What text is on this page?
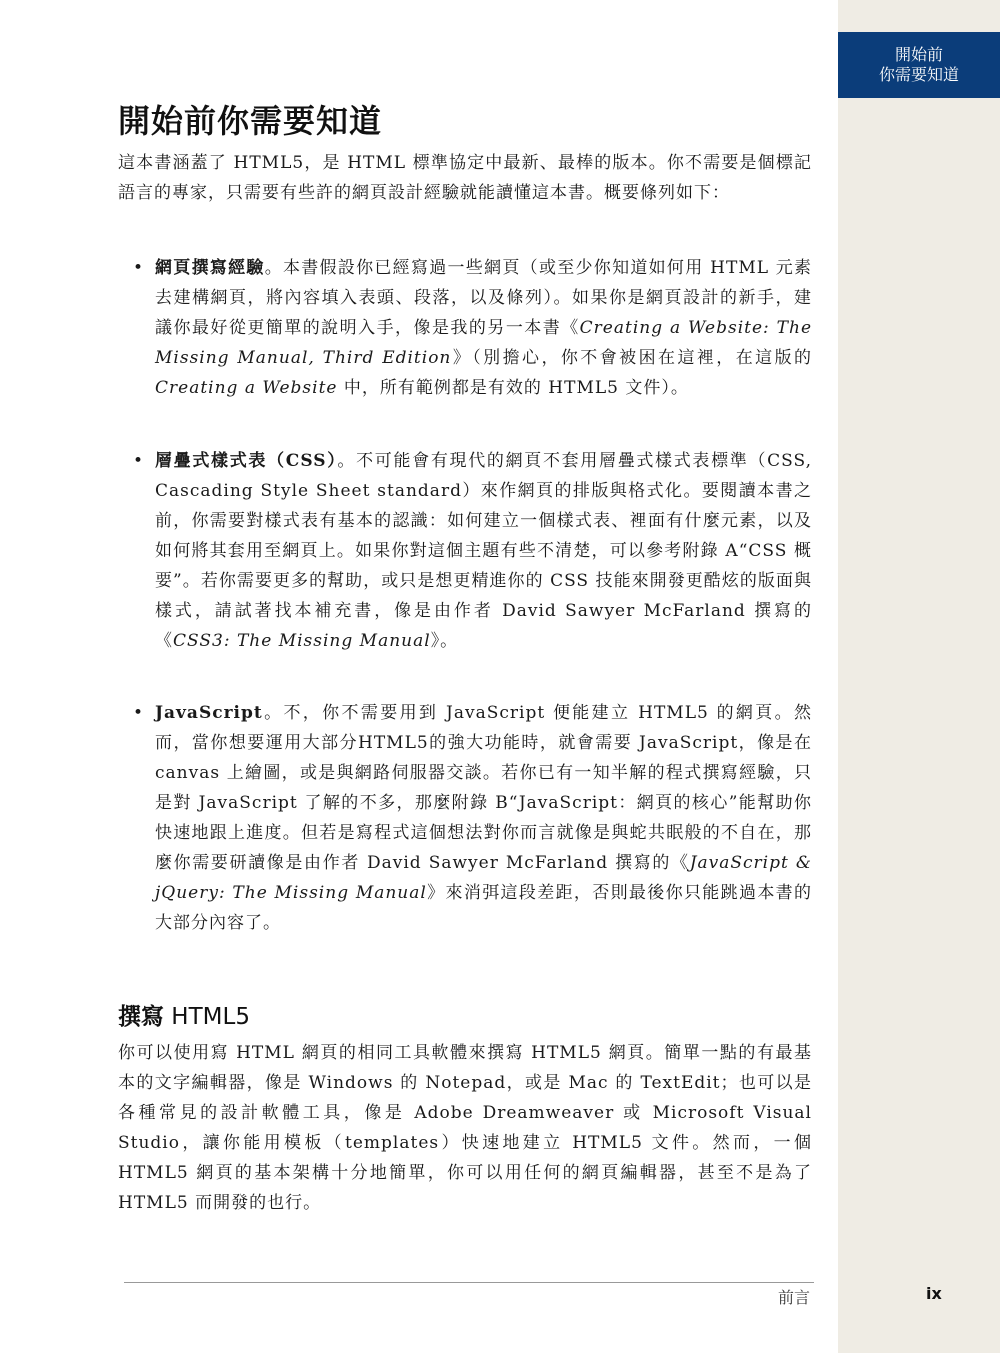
開始前
你需要知道
開始前你需要知道

這本書涵蓋了 HTML5，是 HTML 標準協定中最新、最棒的版本。你不需要是個標記語言的專家，只需要有些許的網頁設計經驗就能讀懂這本書。概要條列如下：

• 網頁撰寫經驗。本書假設你已經寫過一些網頁（或至少你知道如何用 HTML 元素去建構網頁，將內容填入表頭、段落，以及條列）。如果你是網頁設計的新手，建議你最好從更簡單的說明入手，像是我的另一本書《Creating a Website: The Missing Manual, Third Edition》（別擔心，你不會被困在這裡，在這版的 Creating a Website 中，所有範例都是有效的 HTML5 文件）。

• 層疊式樣式表（CSS）。不可能會有現代的網頁不套用層疊式樣式表標準（CSS, Cascading Style Sheet standard）來作網頁的排版與格式化。要閱讀本書之前，你需要對樣式表有基本的認識：如何建立一個樣式表、裡面有什麼元素，以及如何將其套用至網頁上。如果你對這個主題有些不清楚，可以參考附錄 A“CSS 概要”。若你需要更多的幫助，或只是想更精進你的 CSS 技能來開發更酷炫的版面與樣式，請試著找本補充書，像是由作者 David Sawyer McFarland 撰寫的《CSS3: The Missing Manual》。

• JavaScript。不，你不需要用到 JavaScript 便能建立 HTML5 的網頁。然而，當你想要運用大部分HTML5的強大功能時，就會需要 JavaScript，像是在 canvas 上繪圖，或是與網路伺服器交談。若你已有一知半解的程式撰寫經驗，只是對 JavaScript 了解的不多，那麼附錄 B“JavaScript：網頁的核心”能幫助你快速地跟上進度。但若是寫程式這個想法對你而言就像是與蛇共眠般的不自在，那麼你需要研讀像是由作者 David Sawyer McFarland 撰寫的《JavaScript & jQuery: The Missing Manual》來消弭這段差距，否則最後你只能跳過本書的大部分內容了。

撰寫 HTML5

你可以使用寫 HTML 網頁的相同工具軟體來撰寫 HTML5 網頁。簡單一點的有最基本的文字編輯器，像是 Windows 的 Notepad，或是 Mac 的 TextEdit；也可以是各種常見的設計軟體工具，像是 Adobe Dreamweaver 或 Microsoft Visual Studio，讓你能用模板（templates）快速地建立 HTML5 文件。然而，一個 HTML5 網頁的基本架構十分地簡單，你可以用任何的網頁編輯器，甚至不是為了 HTML5 而開發的也行。

前言	ix
